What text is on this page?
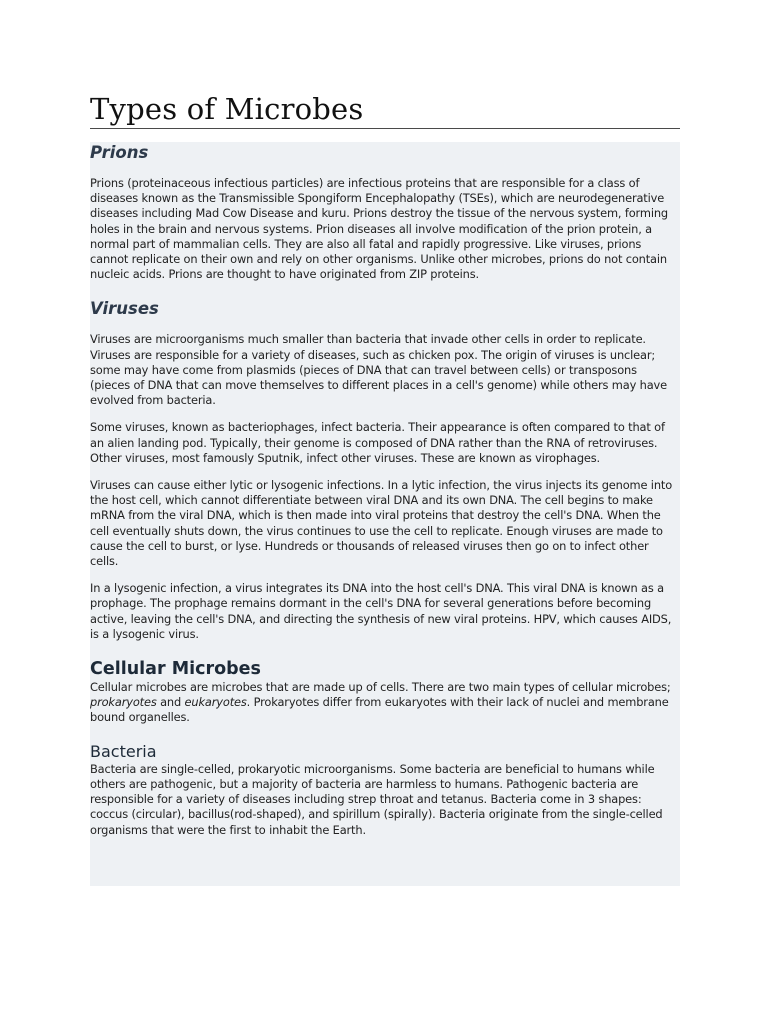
Types of Microbes
Prions

Prions (proteinaceous infectious particles) are infectious proteins that are responsible for a class of diseases known as the Transmissible Spongiform Encephalopathy (TSEs), which are neurodegenerative diseases including Mad Cow Disease and kuru. Prions destroy the tissue of the nervous system, forming holes in the brain and nervous systems. Prion diseases all involve modification of the prion protein, a normal part of mammalian cells. They are also all fatal and rapidly progressive. Like viruses, prions cannot replicate on their own and rely on other organisms. Unlike other microbes, prions do not contain nucleic acids. Prions are thought to have originated from ZIP proteins.

Viruses

Viruses are microorganisms much smaller than bacteria that invade other cells in order to replicate. Viruses are responsible for a variety of diseases, such as chicken pox. The origin of viruses is unclear; some may have come from plasmids (pieces of DNA that can travel between cells) or transposons (pieces of DNA that can move themselves to different places in a cell's genome) while others may have evolved from bacteria.

Some viruses, known as bacteriophages, infect bacteria. Their appearance is often compared to that of an alien landing pod. Typically, their genome is composed of DNA rather than the RNA of retroviruses. Other viruses, most famously Sputnik, infect other viruses. These are known as virophages.

Viruses can cause either lytic or lysogenic infections. In a lytic infection, the virus injects its genome into the host cell, which cannot differentiate between viral DNA and its own DNA. The cell begins to make mRNA from the viral DNA, which is then made into viral proteins that destroy the cell's DNA. When the cell eventually shuts down, the virus continues to use the cell to replicate. Enough viruses are made to cause the cell to burst, or lyse. Hundreds or thousands of released viruses then go on to infect other cells.

In a lysogenic infection, a virus integrates its DNA into the host cell's DNA. This viral DNA is known as a prophage. The prophage remains dormant in the cell's DNA for several generations before becoming active, leaving the cell's DNA, and directing the synthesis of new viral proteins. HPV, which causes AIDS, is a lysogenic virus.

Cellular Microbes

Cellular microbes are microbes that are made up of cells. There are two main types of cellular microbes; prokaryotes and eukaryotes. Prokaryotes differ from eukaryotes with their lack of nuclei and membrane bound organelles.

Bacteria

Bacteria are single-celled, prokaryotic microorganisms. Some bacteria are beneficial to humans while others are pathogenic, but a majority of bacteria are harmless to humans. Pathogenic bacteria are responsible for a variety of diseases including strep throat and tetanus. Bacteria come in 3 shapes: coccus (circular), bacillus(rod-shaped), and spirillum (spirally). Bacteria originate from the single-celled organisms that were the first to inhabit the Earth.
